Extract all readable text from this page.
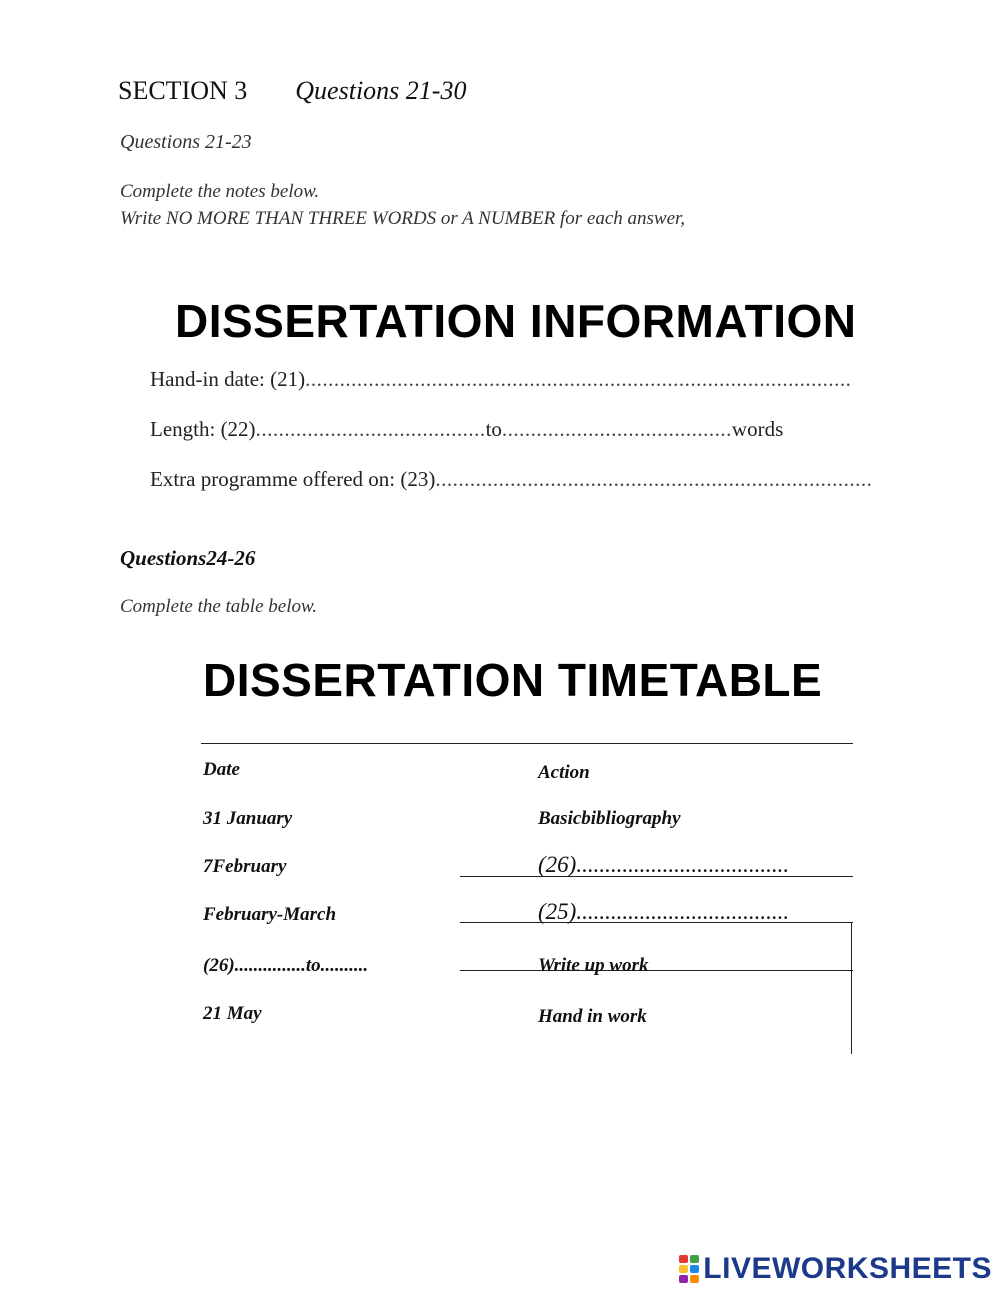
SECTION 3 Questions 21-30
Questions 21-23
Complete the notes below.
Write NO MORE THAN THREE WORDS or A NUMBER for each answer,
DISSERTATION INFORMATION
Hand-in date: (21)...............................................................................................
Length: (22)........................................to........................................words
Extra programme offered on: (23)............................................................................
Questions24-26
Complete the table below.
DISSERTATION TIMETABLE
Date	Action
31 January	Basicbibliography
7February	(26).....................................
February-March	(25).....................................
(26)...............to..........	Write up work
21 May	Hand in work
LIVEWORKSHEETS
